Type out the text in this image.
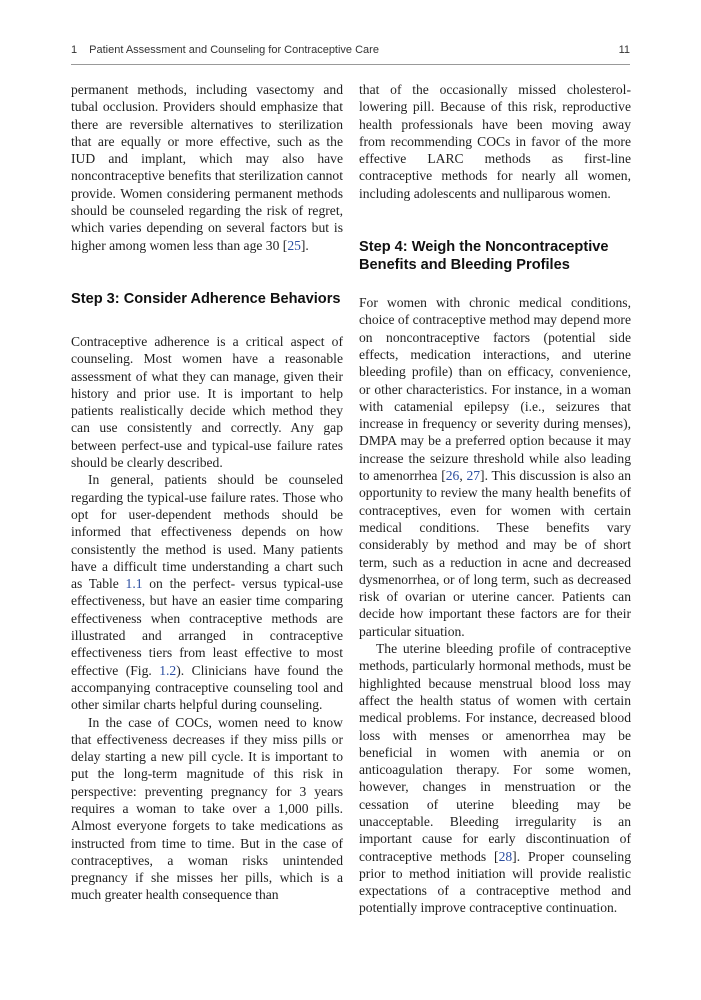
1 Patient Assessment and Counseling for Contraceptive Care	11

permanent methods, including vasectomy and tubal occlusion. Providers should emphasize that there are reversible alternatives to sterilization that are equally or more effective, such as the IUD and implant, which may also have noncontraceptive benefits that sterilization cannot provide. Women considering permanent methods should be counseled regarding the risk of regret, which varies depending on several factors but is higher among women less than age 30 [25].

Step 3: Consider Adherence Behaviors

Contraceptive adherence is a critical aspect of counseling. Most women have a reasonable assessment of what they can manage, given their history and prior use. It is important to help patients realistically decide which method they can use consistently and correctly. Any gap between perfect-use and typical-use failure rates should be clearly described.

In general, patients should be counseled regarding the typical-use failure rates. Those who opt for user-dependent methods should be informed that effectiveness depends on how consistently the method is used. Many patients have a difficult time understanding a chart such as Table 1.1 on the perfect- versus typical-use effectiveness, but have an easier time comparing effectiveness when contraceptive methods are illustrated and arranged in contraceptive effectiveness tiers from least effective to most effective (Fig. 1.2). Clinicians have found the accompanying contraceptive counseling tool and other similar charts helpful during counseling.

In the case of COCs, women need to know that effectiveness decreases if they miss pills or delay starting a new pill cycle. It is important to put the long-term magnitude of this risk in perspective: preventing pregnancy for 3 years requires a woman to take over a 1,000 pills. Almost everyone forgets to take medications as instructed from time to time. But in the case of contraceptives, a woman risks unintended pregnancy if she misses her pills, which is a much greater health consequence than

that of the occasionally missed cholesterol-lowering pill. Because of this risk, reproductive health professionals have been moving away from recommending COCs in favor of the more effective LARC methods as first-line contraceptive methods for nearly all women, including adolescents and nulliparous women.

Step 4: Weigh the Noncontraceptive Benefits and Bleeding Profiles

For women with chronic medical conditions, choice of contraceptive method may depend more on noncontraceptive factors (potential side effects, medication interactions, and uterine bleeding profile) than on efficacy, convenience, or other characteristics. For instance, in a woman with catamenial epilepsy (i.e., seizures that increase in frequency or severity during menses), DMPA may be a preferred option because it may increase the seizure threshold while also leading to amenorrhea [26, 27]. This discussion is also an opportunity to review the many health benefits of contraceptives, even for women with certain medical conditions. These benefits vary considerably by method and may be of short term, such as a reduction in acne and decreased dysmenorrhea, or of long term, such as decreased risk of ovarian or uterine cancer. Patients can decide how important these factors are for their particular situation.

The uterine bleeding profile of contraceptive methods, particularly hormonal methods, must be highlighted because menstrual blood loss may affect the health status of women with certain medical problems. For instance, decreased blood loss with menses or amenorrhea may be beneficial in women with anemia or on anticoagulation therapy. For some women, however, changes in menstruation or the cessation of uterine bleeding may be unacceptable. Bleeding irregularity is an important cause for early discontinuation of contraceptive methods [28]. Proper counseling prior to method initiation will provide realistic expectations of a contraceptive method and potentially improve contraceptive continuation.
